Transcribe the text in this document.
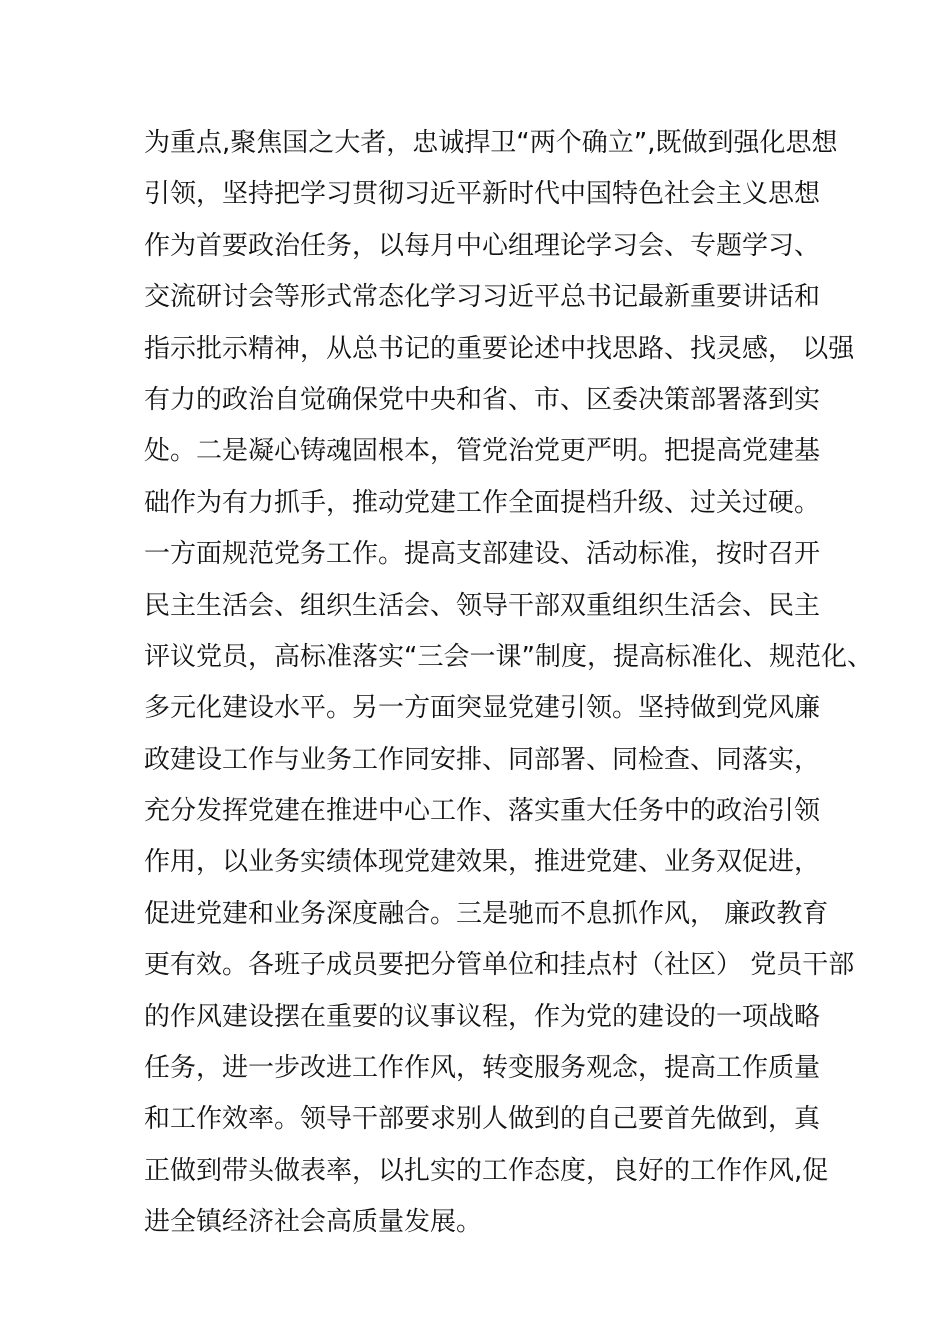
为重点,聚焦国之大者，忠诚捍卫“两个确立”,既做到强化思想
引领，坚持把学习贯彻习近平新时代中国特色社会主义思想
作为首要政治任务，以每月中心组理论学习会、专题学习、
交流研讨会等形式常态化学习习近平总书记最新重要讲话和
指示批示精神，从总书记的重要论述中找思路、找灵感， 以强
有力的政治自觉确保党中央和省、市、区委决策部署落到实
处。二是凝心铸魂固根本，管党治党更严明。把提高党建基
础作为有力抓手，推动党建工作全面提档升级、过关过硬。
一方面规范党务工作。提高支部建设、活动标准，按时召开
民主生活会、组织生活会、领导干部双重组织生活会、民主
评议党员，高标准落实“三会一课”制度，提高标准化、规范化、
多元化建设水平。另一方面突显党建引领。坚持做到党风廉
政建设工作与业务工作同安排、同部署、同检查、同落实，
充分发挥党建在推进中心工作、落实重大任务中的政治引领
作用，以业务实绩体现党建效果，推进党建、业务双促进，
促进党建和业务深度融合。三是驰而不息抓作风， 廉政教育
更有效。各班子成员要把分管单位和挂点村（社区） 党员干部
的作风建设摆在重要的议事议程，作为党的建设的一项战略
任务，进一步改进工作作风，转变服务观念，提高工作质量
和工作效率。领导干部要求别人做到的自己要首先做到，真
正做到带头做表率，以扎实的工作态度，良好的工作作风,促
进全镇经济社会高质量发展。
